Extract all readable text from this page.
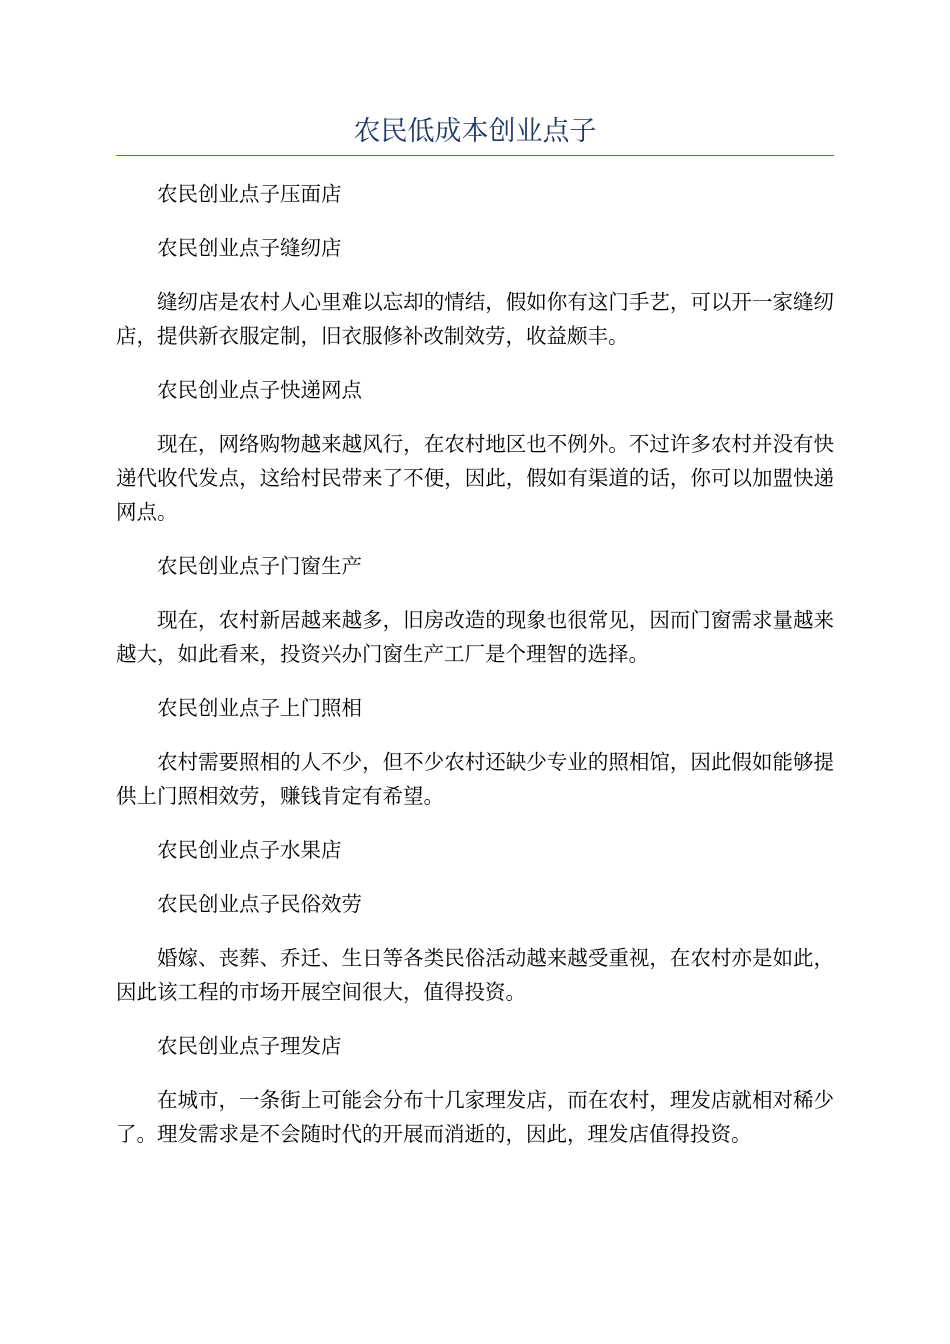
农民低成本创业点子

农民创业点子压面店

农民创业点子缝纫店

缝纫店是农村人心里难以忘却的情结，假如你有这门手艺，可以开一家缝纫店，提供新衣服定制，旧衣服修补改制效劳，收益颇丰。

农民创业点子快递网点

现在，网络购物越来越风行，在农村地区也不例外。不过许多农村并没有快递代收代发点，这给村民带来了不便，因此，假如有渠道的话，你可以加盟快递网点。

农民创业点子门窗生产

现在，农村新居越来越多，旧房改造的现象也很常见，因而门窗需求量越来越大，如此看来，投资兴办门窗生产工厂是个理智的选择。

农民创业点子上门照相

农村需要照相的人不少，但不少农村还缺少专业的照相馆，因此假如能够提供上门照相效劳，赚钱肯定有希望。

农民创业点子水果店

农民创业点子民俗效劳

婚嫁、丧葬、乔迁、生日等各类民俗活动越来越受重视，在农村亦是如此，因此该工程的市场开展空间很大，值得投资。

农民创业点子理发店

在城市，一条街上可能会分布十几家理发店，而在农村，理发店就相对稀少了。理发需求是不会随时代的开展而消逝的，因此，理发店值得投资。
